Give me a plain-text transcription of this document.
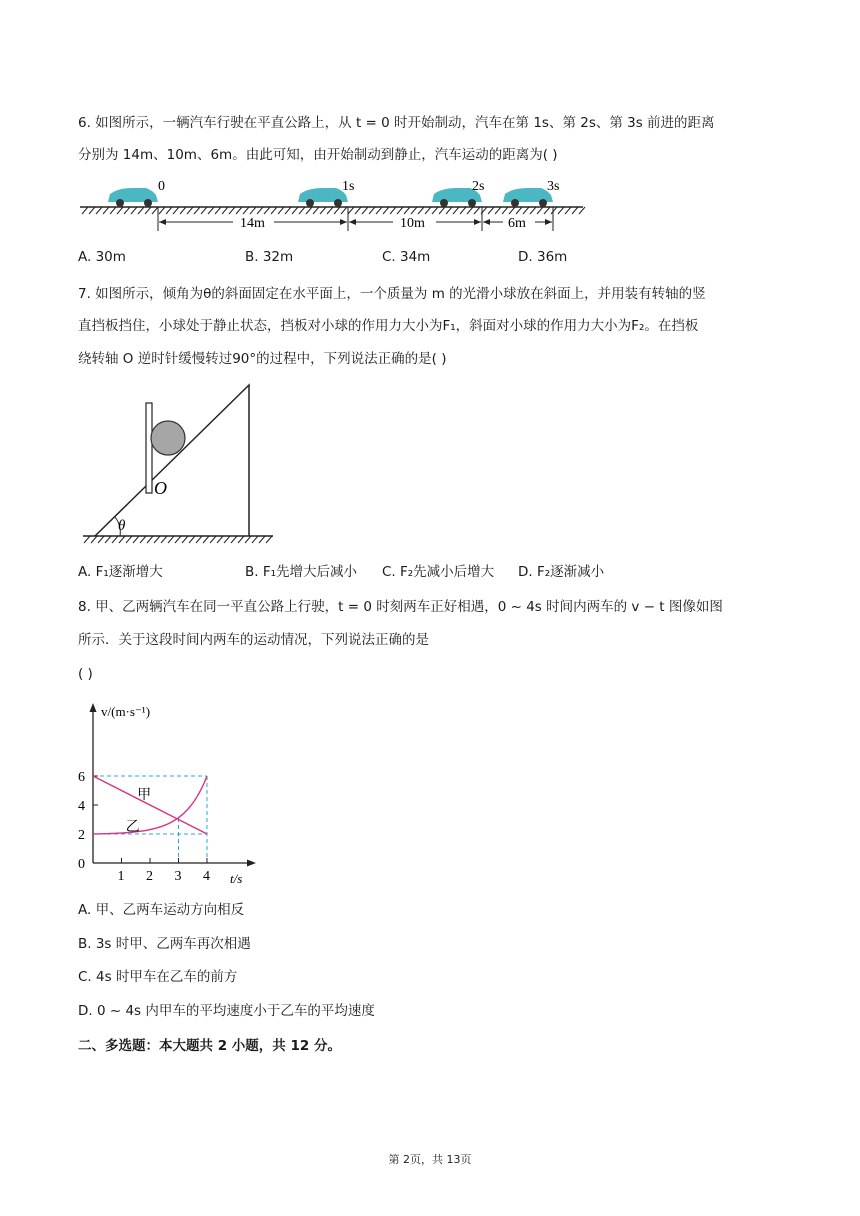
6. 如图所示，一辆汽车行驶在平直公路上，从 t = 0 时开始制动，汽车在第 1s、第 2s、第 3s 前进的距离
分别为 14m、10m、6m。由此可知，由开始制动到静止，汽车运动的距离为( )
0	1s	2s	3s
14m	10m	6m
A. 30m	B. 32m	C. 34m	D. 36m
7. 如图所示，倾角为θ的斜面固定在水平面上，一个质量为 m 的光滑小球放在斜面上，并用装有转轴的竖
直挡板挡住，小球处于静止状态，挡板对小球的作用力大小为F₁，斜面对小球的作用力大小为F₂。在挡板
绕转轴 O 逆时针缓慢转过90°的过程中，下列说法正确的是( )
O
θ
A. F₁逐渐增大	B. F₁先增大后减小 C. F₂先减小后增大 D. F₂逐渐减小
8. 甲、乙两辆汽车在同一平直公路上行驶，t = 0 时刻两车正好相遇，0 ~ 4s 时间内两车的 v − t 图像如图
所示．关于这段时间内两车的运动情况，下列说法正确的是
( )
1 2 3 4
0
2
4
6
v/(m·s⁻¹)
t/s
甲
乙
A. 甲、乙两车运动方向相反
B. 3s 时甲、乙两车再次相遇
C. 4s 时甲车在乙车的前方
D. 0 ~ 4s 内甲车的平均速度小于乙车的平均速度
二、多选题：本大题共 2 小题，共 12 分。
第 2页，共 13页
